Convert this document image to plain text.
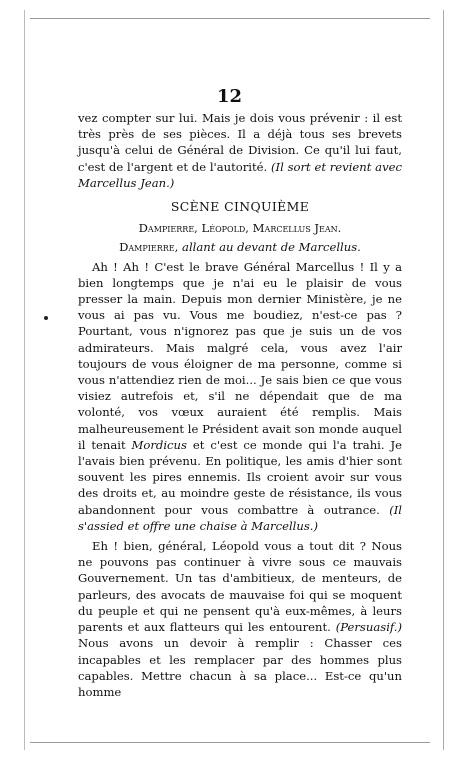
12

vez compter sur lui. Mais je dois vous prévenir : il est très près de ses pièces. Il a déjà tous ses brevets jusqu'à celui de Général de Division. Ce qu'il lui faut, c'est de l'argent et de l'autorité. (Il sort et revient avec Marcellus Jean.)

SCÈNE CINQUIÈME
Dampierre, Léopold, Marcellus Jean.
Dampierre, allant au devant de Marcellus.

Ah ! Ah ! C'est le brave Général Marcellus ! Il y a bien longtemps que je n'ai eu le plaisir de vous presser la main. Depuis mon dernier Ministère, je ne vous ai pas vu. Vous me boudiez, n'est-ce pas ? Pourtant, vous n'ignorez pas que je suis un de vos admirateurs. Mais malgré cela, vous avez l'air toujours de vous éloigner de ma personne, comme si vous n'attendiez rien de moi... Je sais bien ce que vous visiez autrefois et, s'il ne dépendait que de ma volonté, vos vœux auraient été remplis. Mais malheureusement le Président avait son monde auquel il tenait Mordicus et c'est ce monde qui l'a trahi. Je l'avais bien prévenu. En politique, les amis d'hier sont souvent les pires ennemis. Ils croient avoir sur vous des droits et, au moindre geste de résistance, ils vous abandonnent pour vous combattre à outrance. (Il s'assied et offre une chaise à Marcellus.)

Eh ! bien, général, Léopold vous a tout dit ? Nous ne pouvons pas continuer à vivre sous ce mauvais Gouvernement. Un tas d'ambitieux, de menteurs, de parleurs, des avocats de mauvaise foi qui se moquent du peuple et qui ne pensent qu'à eux-mêmes, à leurs parents et aux flatteurs qui les entourent. (Persuasif.) Nous avons un devoir à remplir : Chasser ces incapables et les remplacer par des hommes plus capables. Mettre chacun à sa place... Est-ce qu'un homme
